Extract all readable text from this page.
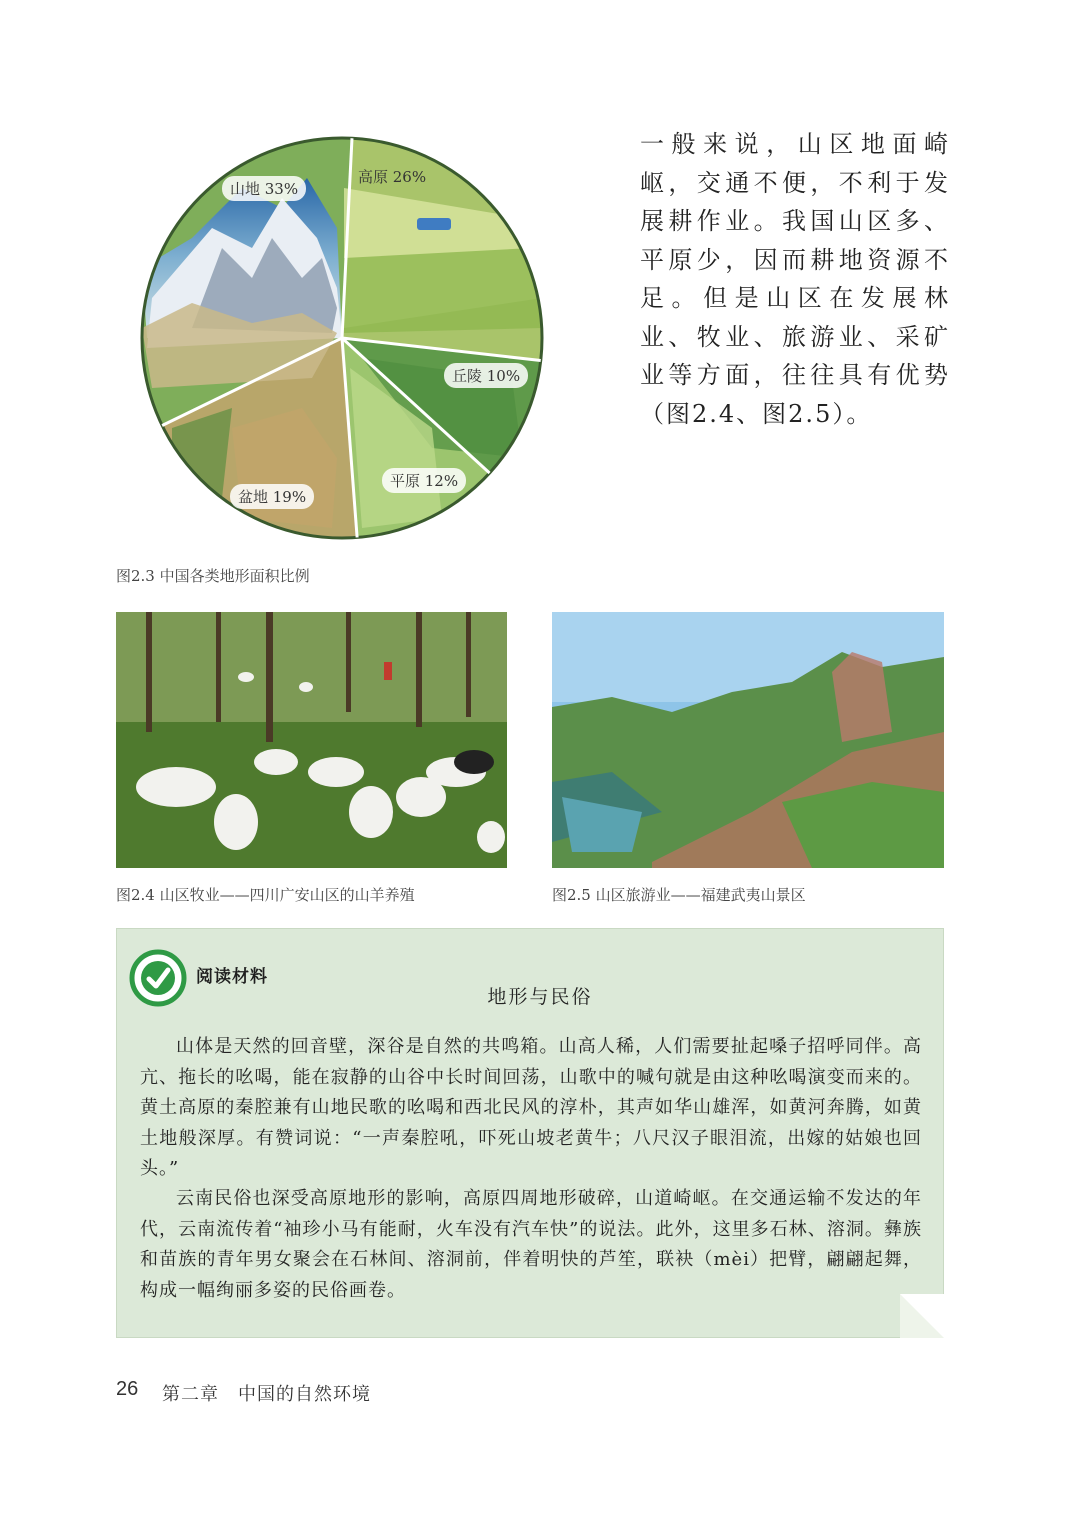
山地 33%
高原 26%
丘陵 10%
平原 12%
盆地 19%
图2.3 中国各类地形面积比例
一般来说，山区地面崎岖，交通不便，不利于发展耕作业。我国山区多、平原少，因而耕地资源不足。但是山区在发展林业、牧业、旅游业、采矿业等方面，往往具有优势（图2.4、图2.5）。
图2.4 山区牧业——四川广安山区的山羊养殖	图2.5 山区旅游业——福建武夷山景区
阅读材料
地形与民俗
山体是天然的回音壁，深谷是自然的共鸣箱。山高人稀，人们需要扯起嗓子招呼同伴。高亢、拖长的吆喝，能在寂静的山谷中长时间回荡，山歌中的喊句就是由这种吆喝演变而来的。黄土高原的秦腔兼有山地民歌的吆喝和西北民风的淳朴，其声如华山雄浑，如黄河奔腾，如黄土地般深厚。有赞词说：“一声秦腔吼，吓死山坡老黄牛；八尺汉子眼泪流，出嫁的姑娘也回头。”
云南民俗也深受高原地形的影响，高原四周地形破碎，山道崎岖。在交通运输不发达的年代，云南流传着“袖珍小马有能耐，火车没有汽车快”的说法。此外，这里多石林、溶洞。彝族和苗族的青年男女聚会在石林间、溶洞前，伴着明快的芦笙，联袂（mèi）把臂，翩翩起舞，构成一幅绚丽多姿的民俗画卷。
26 第二章　中国的自然环境
